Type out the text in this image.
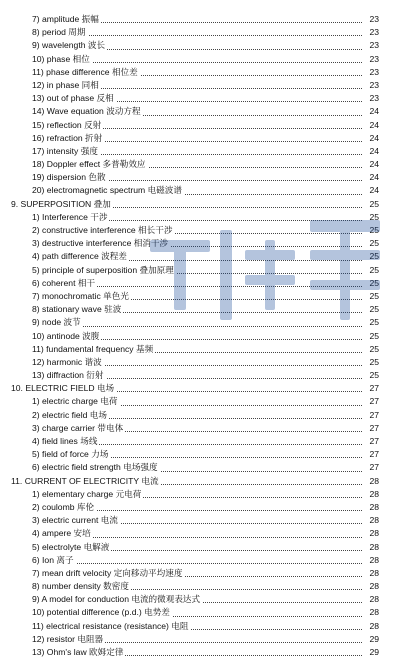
7) amplitude 振幅	23
8) period 周期	23
9) wavelength 波长	23
10) phase 相位	23
11) phase difference 相位差	23
12) in phase 同相	23
13) out of phase 反相	23
14) Wave equation 波动方程	24
15) reflection 反射	24
16) refraction 折射	24
17) intensity 强度	24
18) Doppler effect 多普勒效应	24
19) dispersion 色散	24
20) electromagnetic spectrum 电磁波谱	24
9. SUPERPOSITION 叠加	25
1) Interference 干涉	25
2) constructive interference 相长干涉	25
3) destructive interference 相消干涉	25
4) path difference 波程差	25
5) principle of superposition 叠加原理	25
6) coherent 相干	25
7) monochromatic 单色光	25
8) stationary wave 驻波	25
9) node 波节	25
10) antinode 波腹	25
11) fundamental frequency 基频	25
12) harmonic 谐波	25
13) diffraction 衍射	25
10. ELECTRIC FIELD 电场	27
1) electric charge 电荷	27
2) electric field 电场	27
3) charge carrier 带电体	27
4) field lines 场线	27
5) field of force 力场	27
6) electric field strength 电场强度	27
11. CURRENT OF ELECTRICITY 电流	28
1) elementary charge 元电荷	28
2) coulomb 库伦	28
3) electric current 电流	28
4) ampere 安培	28
5) electrolyte 电解液	28
6) Ion 离子	28
7) mean drift velocity 定向移动平均速度	28
8) number density 数密度	28
9) A model for conduction 电流的微观表达式	28
10) potential difference (p.d.) 电势差	28
11) electrical resistance (resistance) 电阻	28
12) resistor 电阻器	29
13) Ohm's law 欧姆定律	29
